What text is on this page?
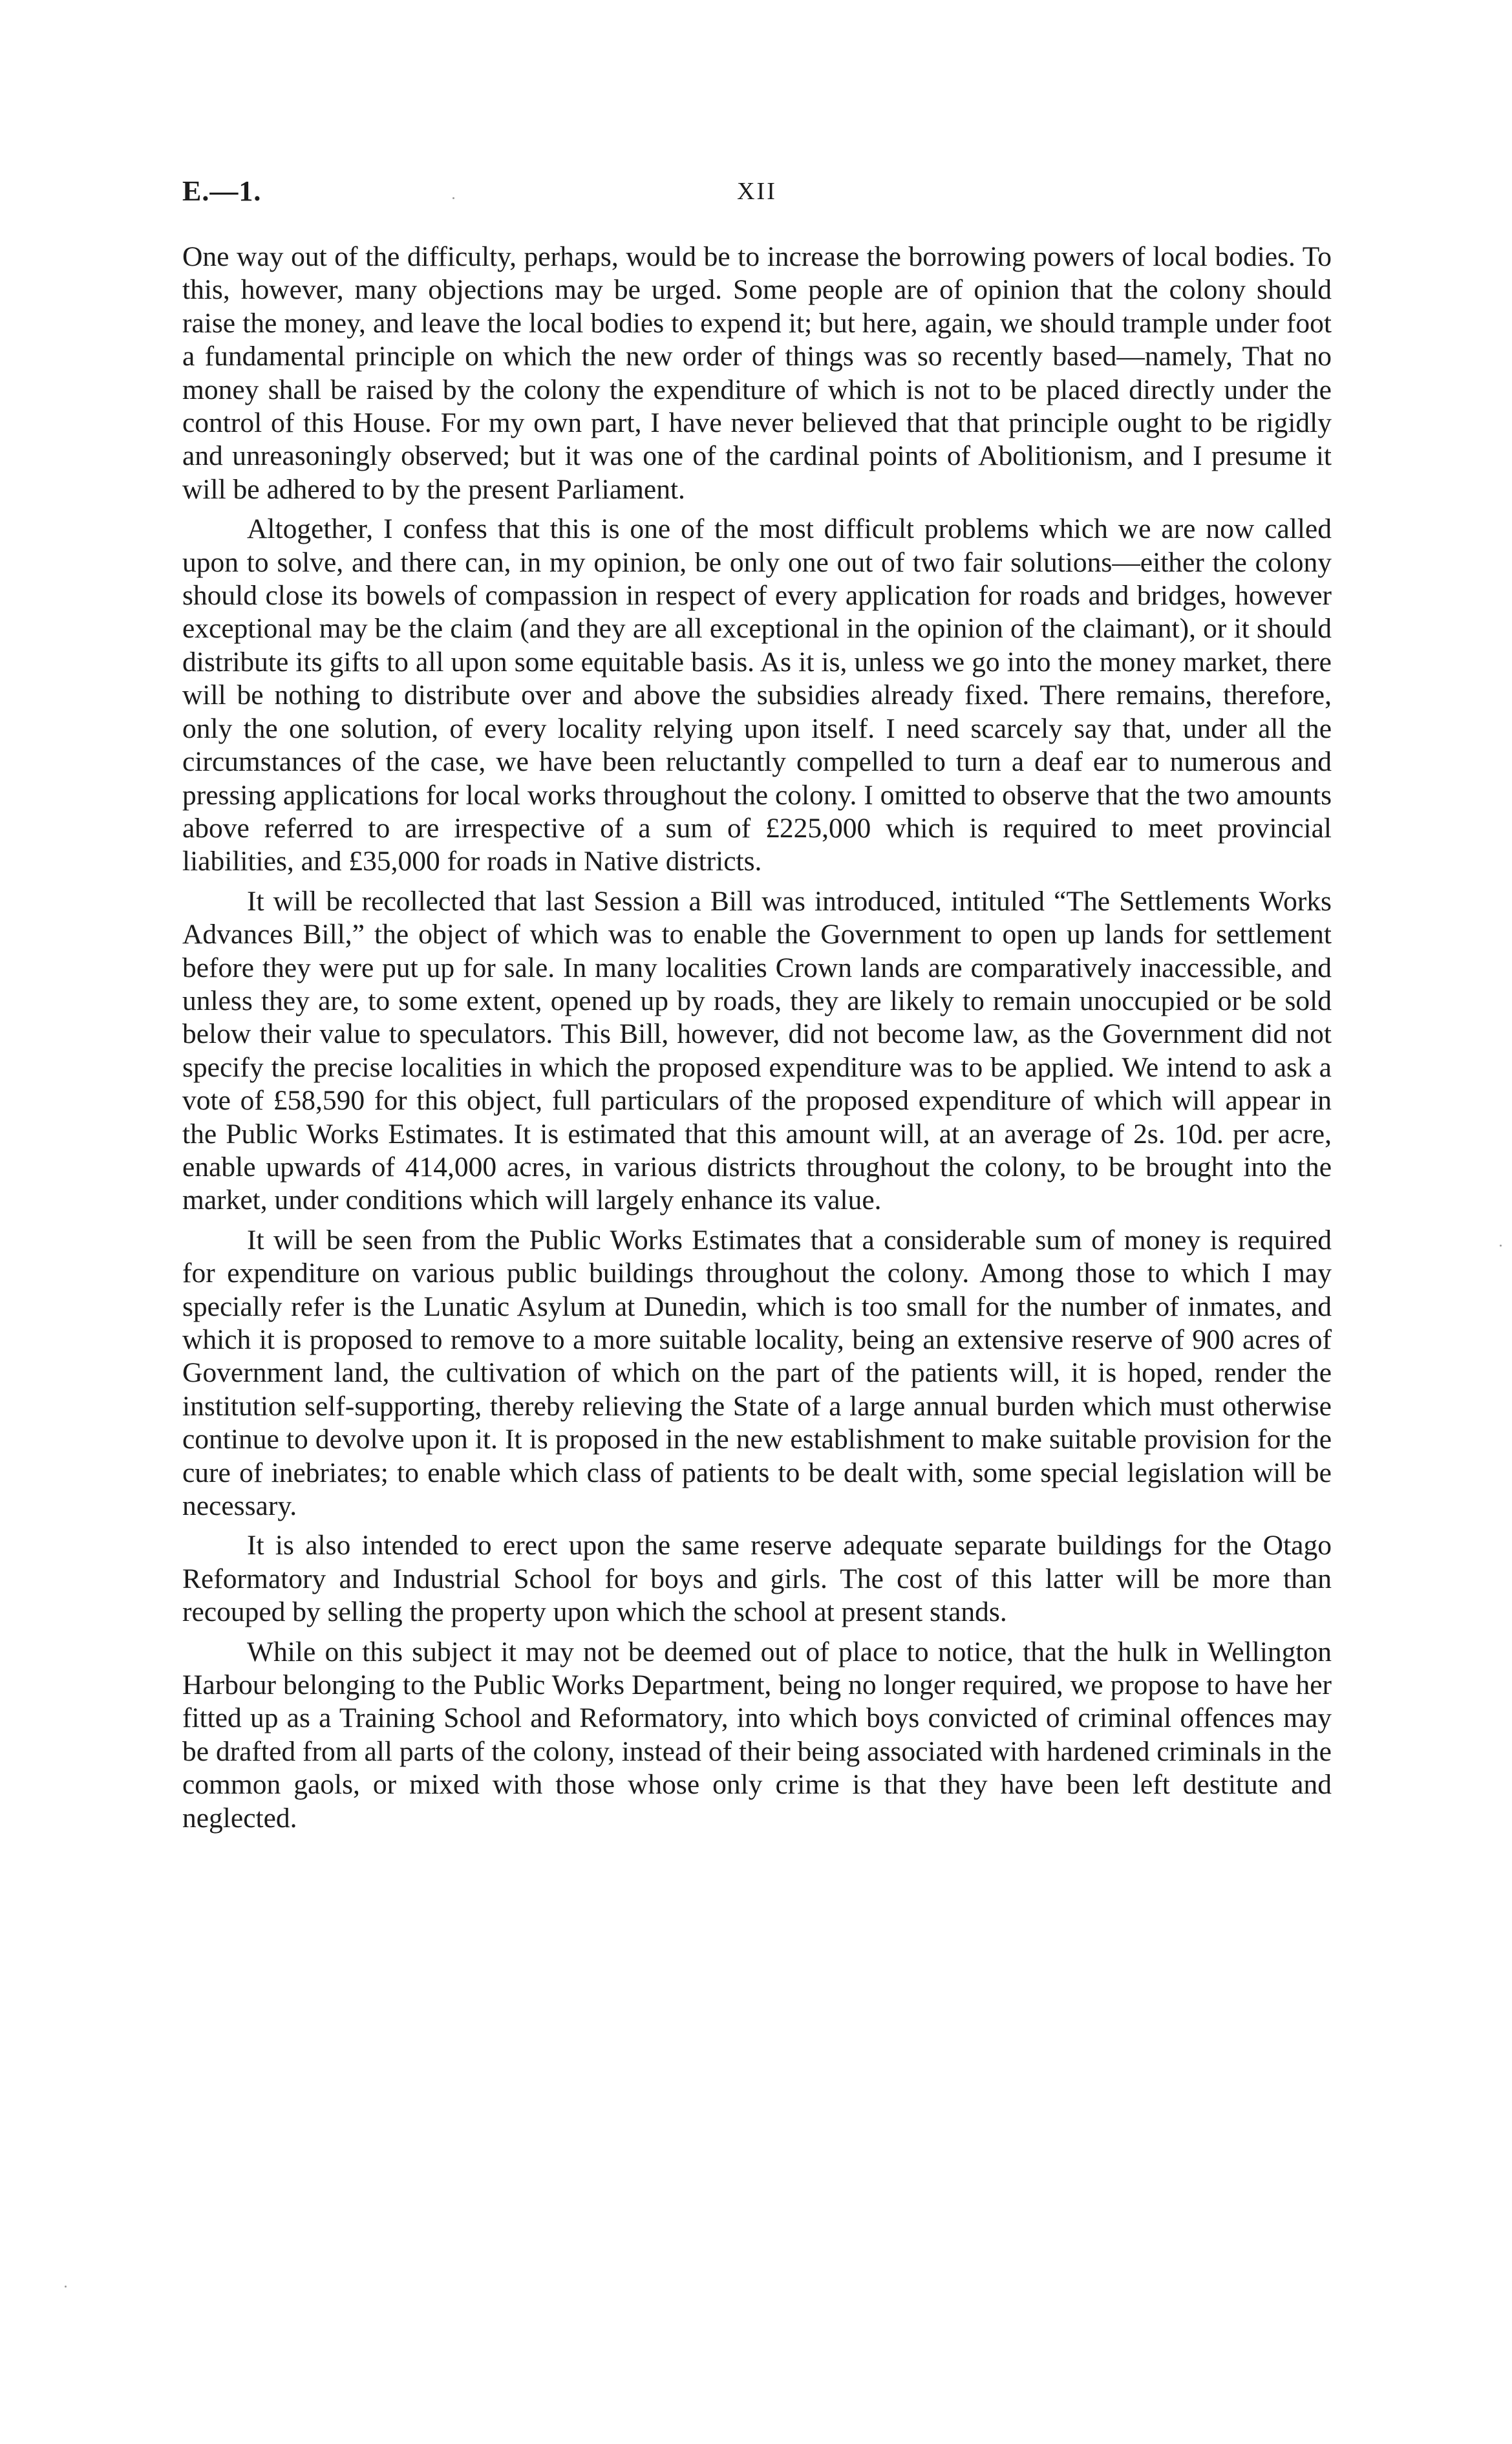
E.—1.	XII

One way out of the difficulty, perhaps, would be to increase the borrowing powers of local bodies. To this, however, many objections may be urged. Some people are of opinion that the colony should raise the money, and leave the local bodies to expend it; but here, again, we should trample under foot a fundamental principle on which the new order of things was so recently based—namely, That no money shall be raised by the colony the expenditure of which is not to be placed directly under the control of this House. For my own part, I have never believed that that principle ought to be rigidly and unreasoningly observed; but it was one of the cardinal points of Abolitionism, and I presume it will be adhered to by the present Parliament.

Altogether, I confess that this is one of the most difficult problems which we are now called upon to solve, and there can, in my opinion, be only one out of two fair solutions—either the colony should close its bowels of compassion in respect of every application for roads and bridges, however exceptional may be the claim (and they are all exceptional in the opinion of the claimant), or it should distribute its gifts to all upon some equitable basis. As it is, unless we go into the money market, there will be nothing to distribute over and above the subsidies already fixed. There remains, therefore, only the one solution, of every locality relying upon itself. I need scarcely say that, under all the circumstances of the case, we have been reluctantly compelled to turn a deaf ear to numerous and pressing applications for local works throughout the colony. I omitted to observe that the two amounts above referred to are irrespective of a sum of £225,000 which is required to meet provincial liabilities, and £35,000 for roads in Native districts.

It will be recollected that last Session a Bill was introduced, intituled “The Settlements Works Advances Bill,” the object of which was to enable the Government to open up lands for settlement before they were put up for sale. In many localities Crown lands are comparatively inaccessible, and unless they are, to some extent, opened up by roads, they are likely to remain unoccupied or be sold below their value to speculators. This Bill, however, did not become law, as the Government did not specify the precise localities in which the proposed expenditure was to be applied. We intend to ask a vote of £58,590 for this object, full particulars of the proposed expenditure of which will appear in the Public Works Estimates. It is estimated that this amount will, at an average of 2s. 10d. per acre, enable upwards of 414,000 acres, in various districts throughout the colony, to be brought into the market, under conditions which will largely enhance its value.

It will be seen from the Public Works Estimates that a considerable sum of money is required for expenditure on various public buildings throughout the colony. Among those to which I may specially refer is the Lunatic Asylum at Dunedin, which is too small for the number of inmates, and which it is proposed to remove to a more suitable locality, being an extensive reserve of 900 acres of Government land, the cultivation of which on the part of the patients will, it is hoped, render the institution self-supporting, thereby relieving the State of a large annual burden which must otherwise continue to devolve upon it. It is proposed in the new establishment to make suitable provision for the cure of inebriates; to enable which class of patients to be dealt with, some special legislation will be necessary.

It is also intended to erect upon the same reserve adequate separate buildings for the Otago Reformatory and Industrial School for boys and girls. The cost of this latter will be more than recouped by selling the property upon which the school at present stands.

While on this subject it may not be deemed out of place to notice, that the hulk in Wellington Harbour belonging to the Public Works Department, being no longer required, we propose to have her fitted up as a Training School and Reformatory, into which boys convicted of criminal offences may be drafted from all parts of the colony, instead of their being associated with hardened criminals in the common gaols, or mixed with those whose only crime is that they have been left destitute and neglected.
